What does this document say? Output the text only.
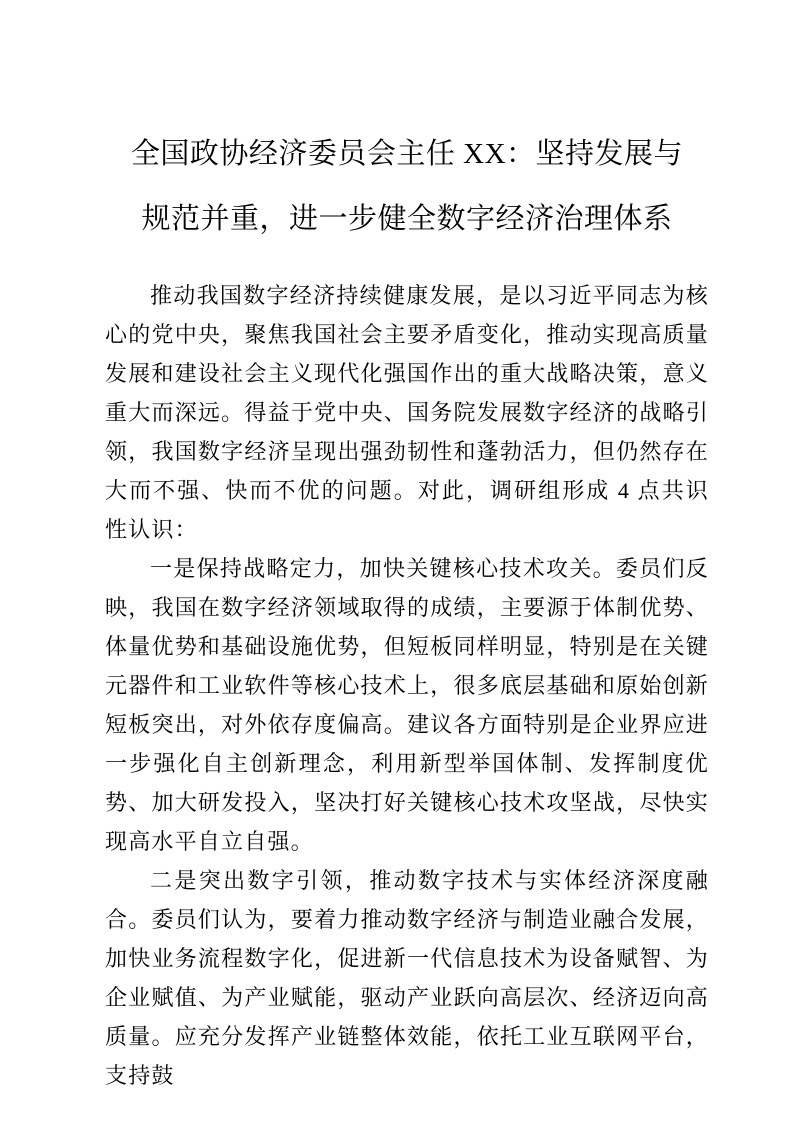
全国政协经济委员会主任 XX：坚持发展与
规范并重，进一步健全数字经济治理体系

推动我国数字经济持续健康发展，是以习近平同志为核心的党中央，聚焦我国社会主要矛盾变化，推动实现高质量发展和建设社会主义现代化强国作出的重大战略决策，意义重大而深远。得益于党中央、国务院发展数字经济的战略引领，我国数字经济呈现出强劲韧性和蓬勃活力，但仍然存在大而不强、快而不优的问题。对此，调研组形成 4 点共识性认识：

一是保持战略定力，加快关键核心技术攻关。委员们反映，我国在数字经济领域取得的成绩，主要源于体制优势、体量优势和基础设施优势，但短板同样明显，特别是在关键元器件和工业软件等核心技术上，很多底层基础和原始创新短板突出，对外依存度偏高。建议各方面特别是企业界应进一步强化自主创新理念，利用新型举国体制、发挥制度优势、加大研发投入，坚决打好关键核心技术攻坚战，尽快实现高水平自立自强。

二是突出数字引领，推动数字技术与实体经济深度融合。委员们认为，要着力推动数字经济与制造业融合发展，加快业务流程数字化，促进新一代信息技术为设备赋智、为企业赋值、为产业赋能，驱动产业跃向高层次、经济迈向高质量。应充分发挥产业链整体效能，依托工业互联网平台，支持鼓
